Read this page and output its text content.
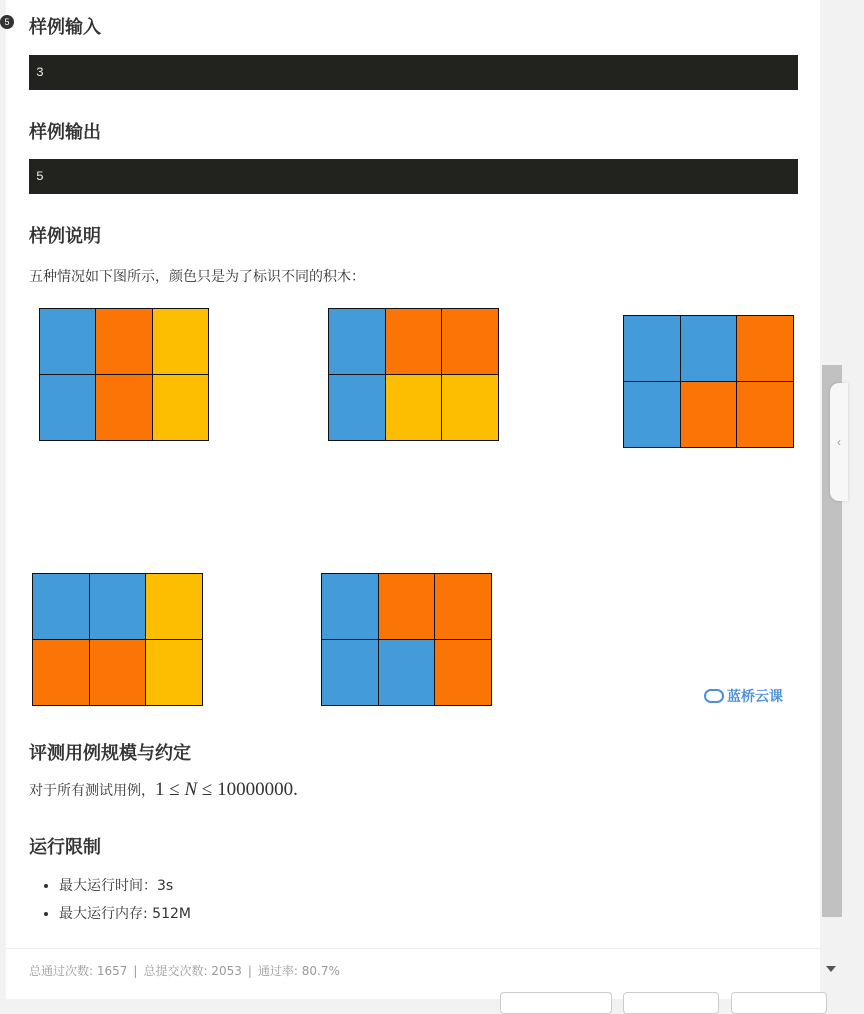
‹
5 样例输入
3
样例输出
5
样例说明
五种情况如下图所示，颜色只是为了标识不同的积木：
蓝桥云课
评测用例规模与约定
对于所有测试用例，1 ≤ N ≤ 10000000.
运行限制
• 最大运行时间：3s
• 最大运行内存: 512M
总通过次数: 1657 | 总提交次数: 2053 | 通过率: 80.7%
